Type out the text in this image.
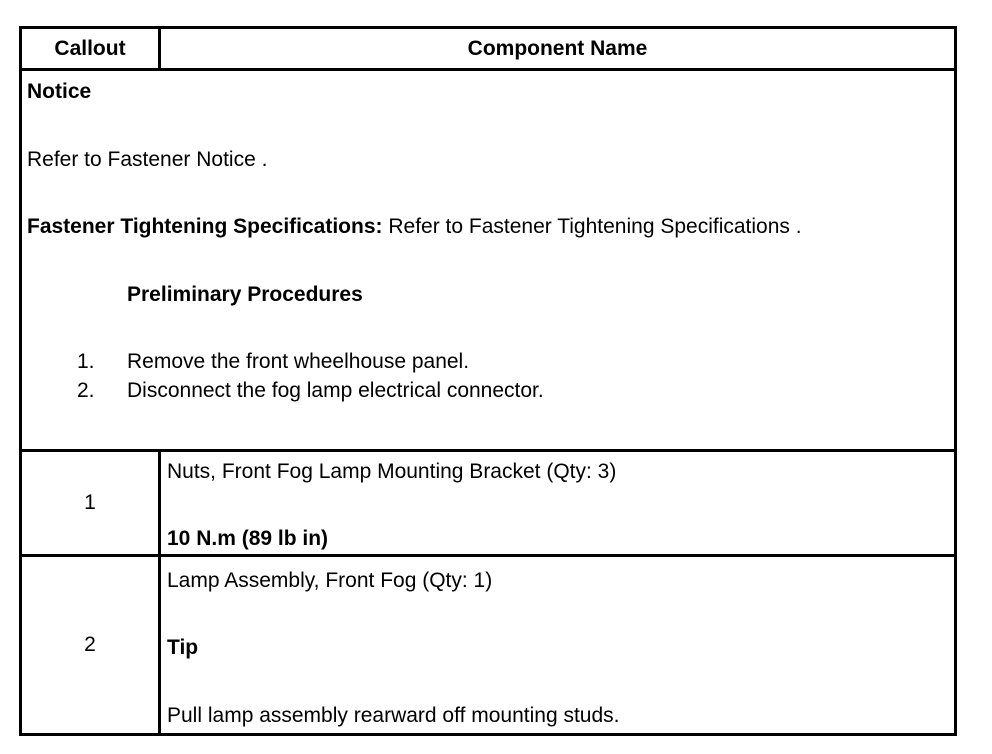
Callout	Component Name
Notice
Refer to Fastener Notice .
Fastener Tightening Specifications: Refer to Fastener Tightening Specifications .
Preliminary Procedures
1. Remove the front wheelhouse panel.
2. Disconnect the fog lamp electrical connector.
1
Nuts, Front Fog Lamp Mounting Bracket (Qty: 3)
10 N.m (89 lb in)
2
Lamp Assembly, Front Fog (Qty: 1)
Tip
Pull lamp assembly rearward off mounting studs.
